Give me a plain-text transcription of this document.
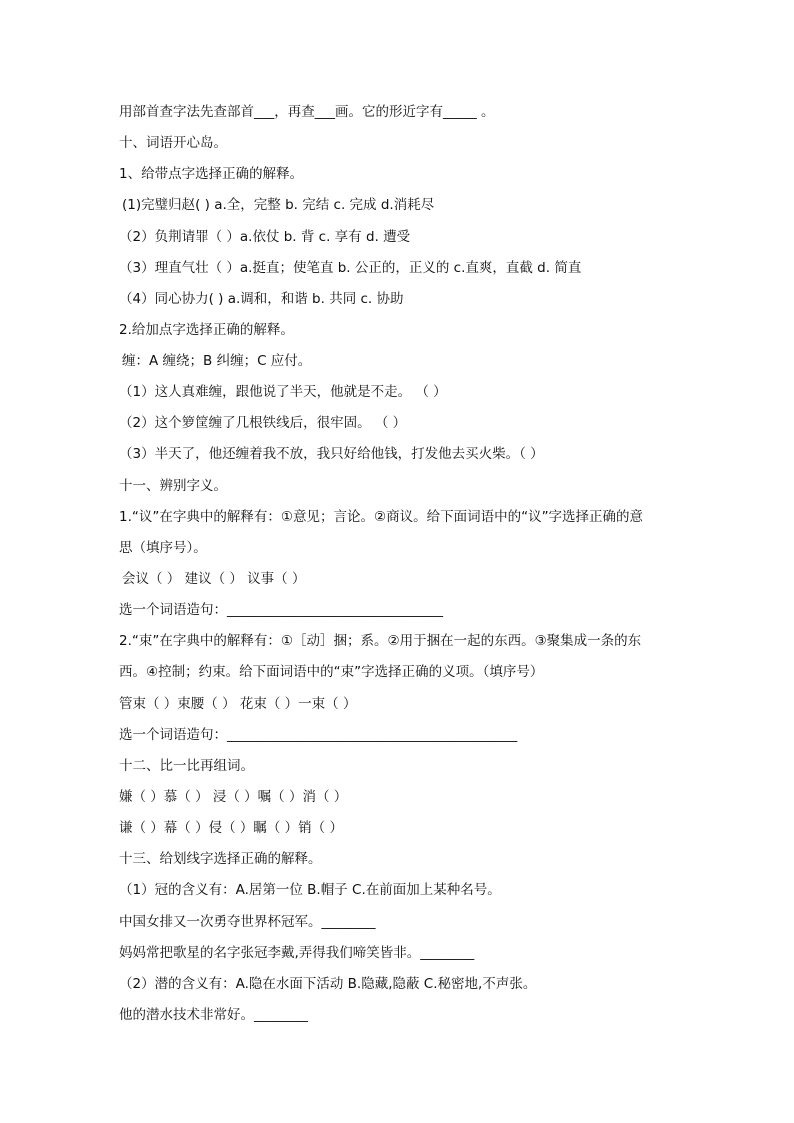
用部首查字法先查部首___，再查___画。它的形近字有_____ 。
十、词语开心岛。
1、给带点字选择正确的解释。
(1)完璧归赵( ) a.全，完整 b. 完结 c. 完成 d.消耗尽
（2）负荆请罪（ ）a.依仗 b. 背 c. 享有 d. 遭受
（3）理直气壮（ ）a.挺直；使笔直 b. 公正的，正义的 c.直爽，直截 d. 简直
（4）同心协力( ) a.调和，和谐 b. 共同 c. 协助
2.给加点字选择正确的解释。
缠：A 缠绕；B 纠缠；C 应付。
（1）这人真难缠，跟他说了半天，他就是不走。 （ ）
（2）这个箩筐缠了几根铁线后，很牢固。 （ ）
（3）半天了，他还缠着我不放，我只好给他钱，打发他去买火柴。（ ）
十一、辨别字义。
1.“议”在字典中的解释有：①意见；言论。②商议。给下面词语中的“议”字选择正确的意
思（填序号）。
会议（ ） 建议（ ） 议事（ ）
选一个词语造句：________________________________
2.“束”在字典中的解释有：①［动］捆；系。②用于捆在一起的东西。③聚集成一条的东
西。④控制；约束。给下面词语中的“束”字选择正确的义项。（填序号）
管束（ ）束腰（ ） 花束（ ）一束（ ）
选一个词语造句：___________________________________________
十二、比一比再组词。
嫌（ ）慕（ ） 浸（ ）嘱（ ）消（ ）
谦（ ）幕（ ）侵（ ）瞩（ ）销（ ）
十三、给划线字选择正确的解释。
（1）冠的含义有：A.居第一位 B.帽子 C.在前面加上某种名号。
中国女排又一次勇夺世界杯冠军。________
妈妈常把歌星的名字张冠李戴,弄得我们啼笑皆非。________
（2）潜的含义有：A.隐在水面下活动 B.隐藏,隐蔽 C.秘密地,不声张。
他的潜水技术非常好。________
